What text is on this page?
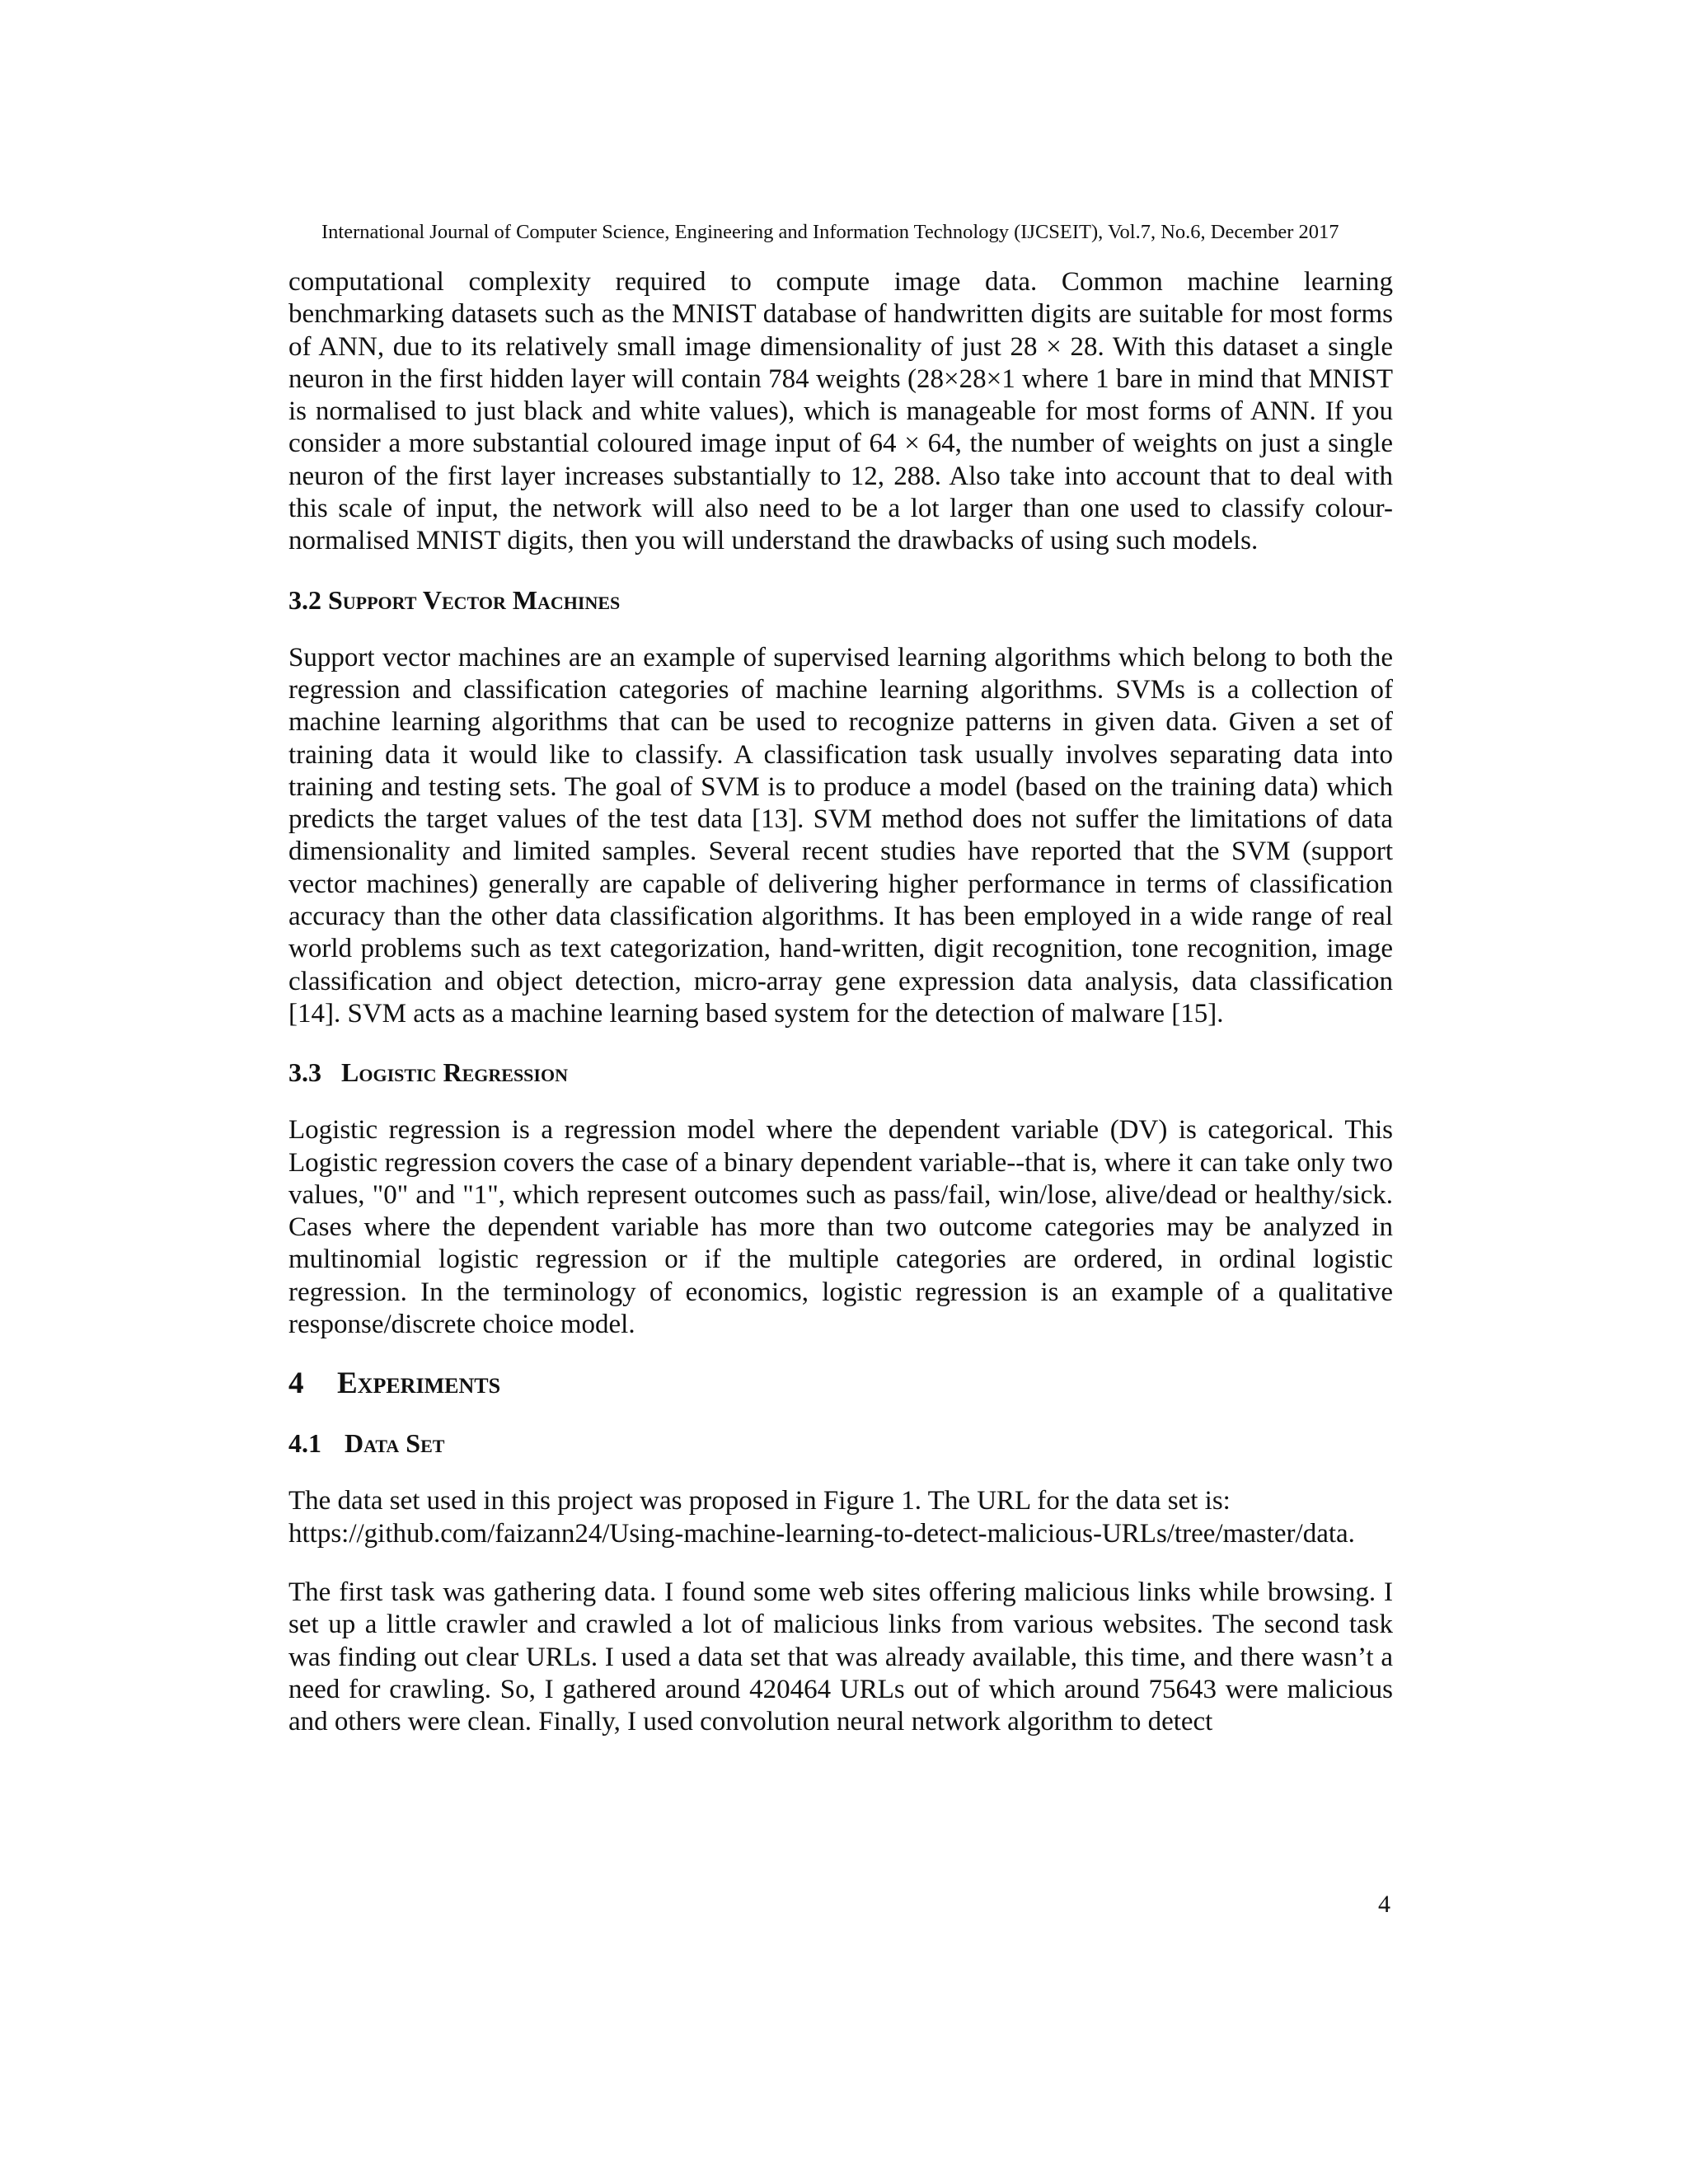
International Journal of Computer Science, Engineering and Information Technology (IJCSEIT), Vol.7, No.6, December 2017

computational complexity required to compute image data. Common machine learning benchmarking datasets such as the MNIST database of handwritten digits are suitable for most forms of ANN, due to its relatively small image dimensionality of just 28 × 28. With this dataset a single neuron in the first hidden layer will contain 784 weights (28×28×1 where 1 bare in mind that MNIST is normalised to just black and white values), which is manageable for most forms of ANN. If you consider a more substantial coloured image input of 64 × 64, the number of weights on just a single neuron of the first layer increases substantially to 12, 288. Also take into account that to deal with this scale of input, the network will also need to be a lot larger than one used to classify colour-normalised MNIST digits, then you will understand the drawbacks of using such models.

3.2 Support Vector Machines

Support vector machines are an example of supervised learning algorithms which belong to both the regression and classification categories of machine learning algorithms. SVMs is a collection of machine learning algorithms that can be used to recognize patterns in given data. Given a set of training data it would like to classify. A classification task usually involves separating data into training and testing sets. The goal of SVM is to produce a model (based on the training data) which predicts the target values of the test data [13]. SVM method does not suffer the limitations of data dimensionality and limited samples. Several recent studies have reported that the SVM (support vector machines) generally are capable of delivering higher performance in terms of classification accuracy than the other data classification algorithms. It has been employed in a wide range of real world problems such as text categorization, hand-written, digit recognition, tone recognition, image classification and object detection, micro-array gene expression data analysis, data classification [14]. SVM acts as a machine learning based system for the detection of malware [15].

3.3 Logistic Regression

Logistic regression is a regression model where the dependent variable (DV) is categorical. This Logistic regression covers the case of a binary dependent variable--that is, where it can take only two values, "0" and "1", which represent outcomes such as pass/fail, win/lose, alive/dead or healthy/sick. Cases where the dependent variable has more than two outcome categories may be analyzed in multinomial logistic regression or if the multiple categories are ordered, in ordinal logistic regression. In the terminology of economics, logistic regression is an example of a qualitative response/discrete choice model.

4 Experiments
4.1 Data Set

The data set used in this project was proposed in Figure 1. The URL for the data set is:
https://github.com/faizann24/Using-machine-learning-to-detect-malicious-URLs/tree/master/data.

The first task was gathering data. I found some web sites offering malicious links while browsing. I set up a little crawler and crawled a lot of malicious links from various websites. The second task was finding out clear URLs. I used a data set that was already available, this time, and there wasn’t a need for crawling. So, I gathered around 420464 URLs out of which around 75643 were malicious and others were clean. Finally, I used convolution neural network algorithm to detect

4
